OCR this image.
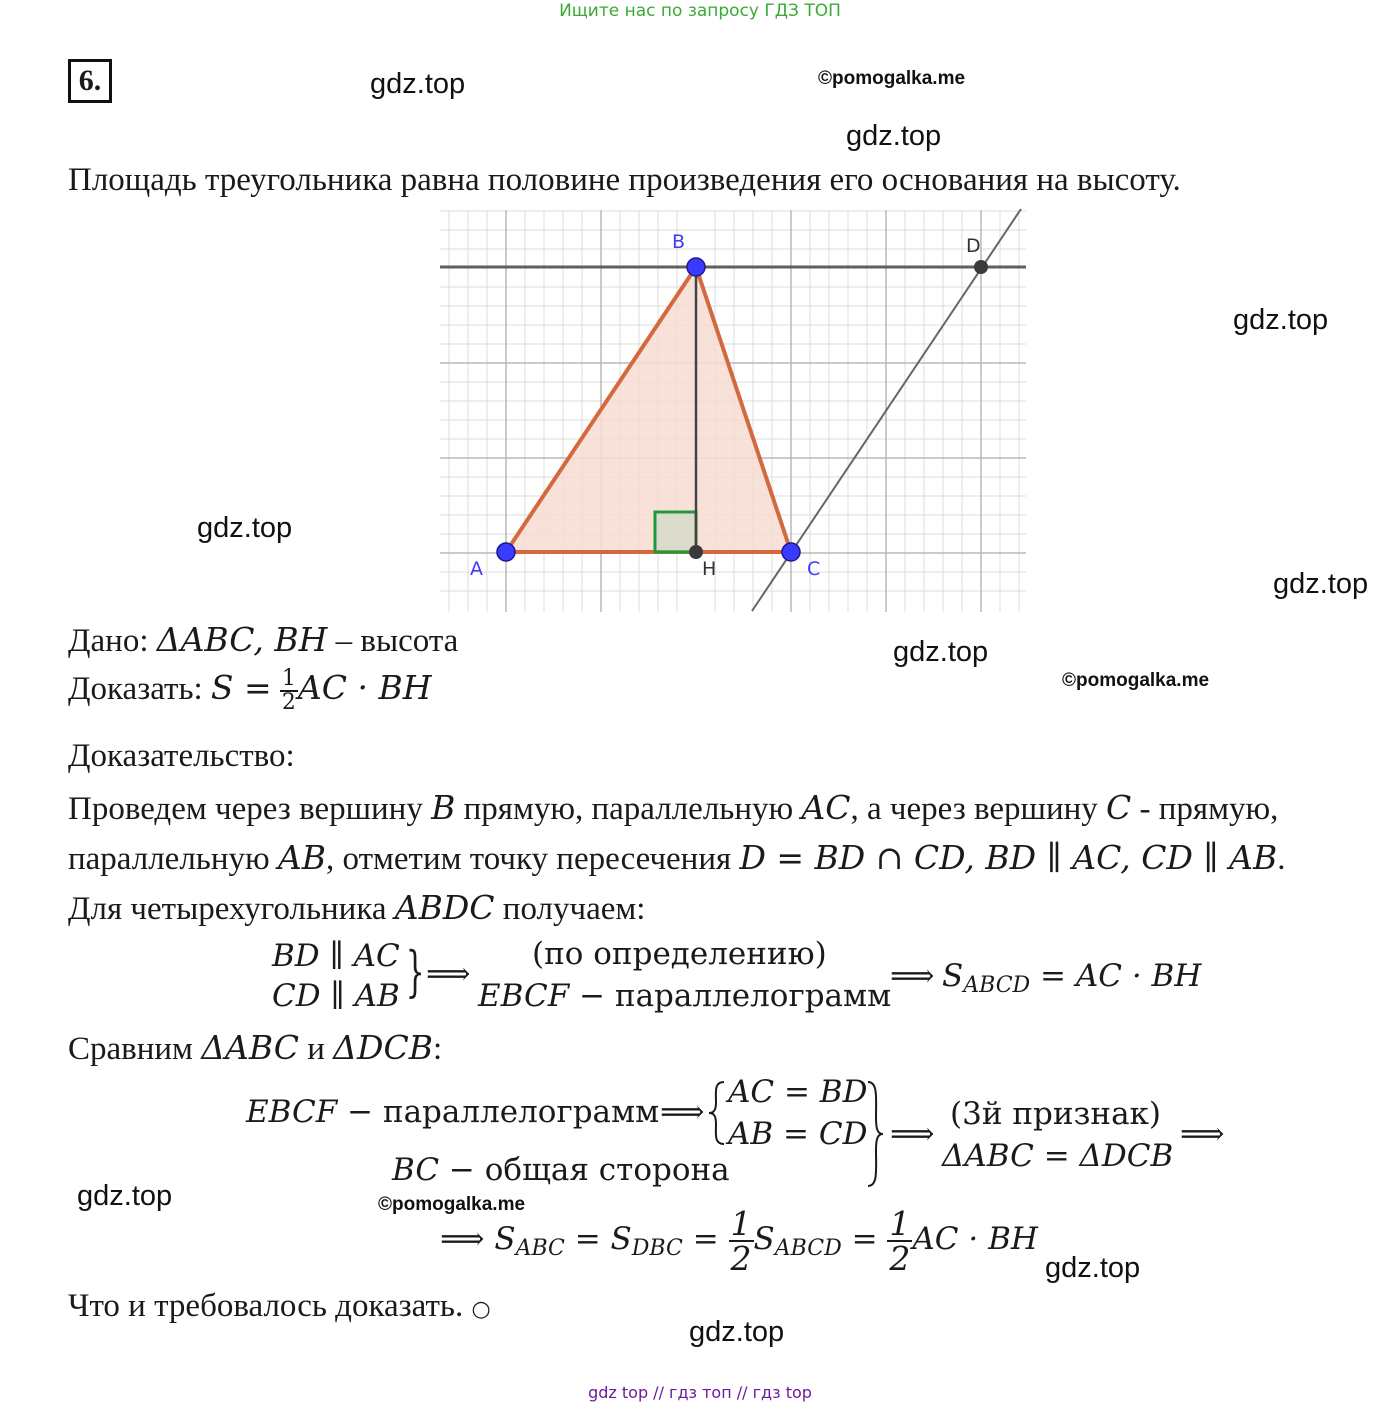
Ищите нас по запросу ГДЗ ТОП
6.	gdz.top	©pomogalka.me
gdz.top
gdz.top
gdz.top
gdz.top
gdz.top
©pomogalka.me
gdz.top	©pomogalka.me
gdz.top
gdz.top
Площадь треугольника равна половине произведения его основания на высоту.
B	D
A	H	C
Дано: ΔABC, BH – высота
Доказать: $S = \frac{1}{2}$ AC · BH
Доказательство:
Проведем через вершину B прямую, параллельную AC, а через вершину C - прямую,
параллельную AB, отметим точку пересечения D = BD ∩ CD, BD ∥ AC, CD ∥ AB.
Для четырехугольника ABDC получаем:
BD ∥ AC
CD ∥ AB } ⟹
(по определению)
EBCF − параллелограмм
⟹ $S_{ABCD}$ = AC · BH
Сравним ΔABC и ΔDCB:
EBCF − параллелограмм ⟹
AC = BD
AB = CD
BC − общая сторона
⟹
(3й признак)
ΔABC = ΔDCB
⟹
⟹ $S_{ABC} = S_{DBC} = \frac{1}{2} S_{ABCD} = \frac{1}{2}$ AC · BH
Что и требовалось доказать. ○
gdz top // гдз топ // гдз top
